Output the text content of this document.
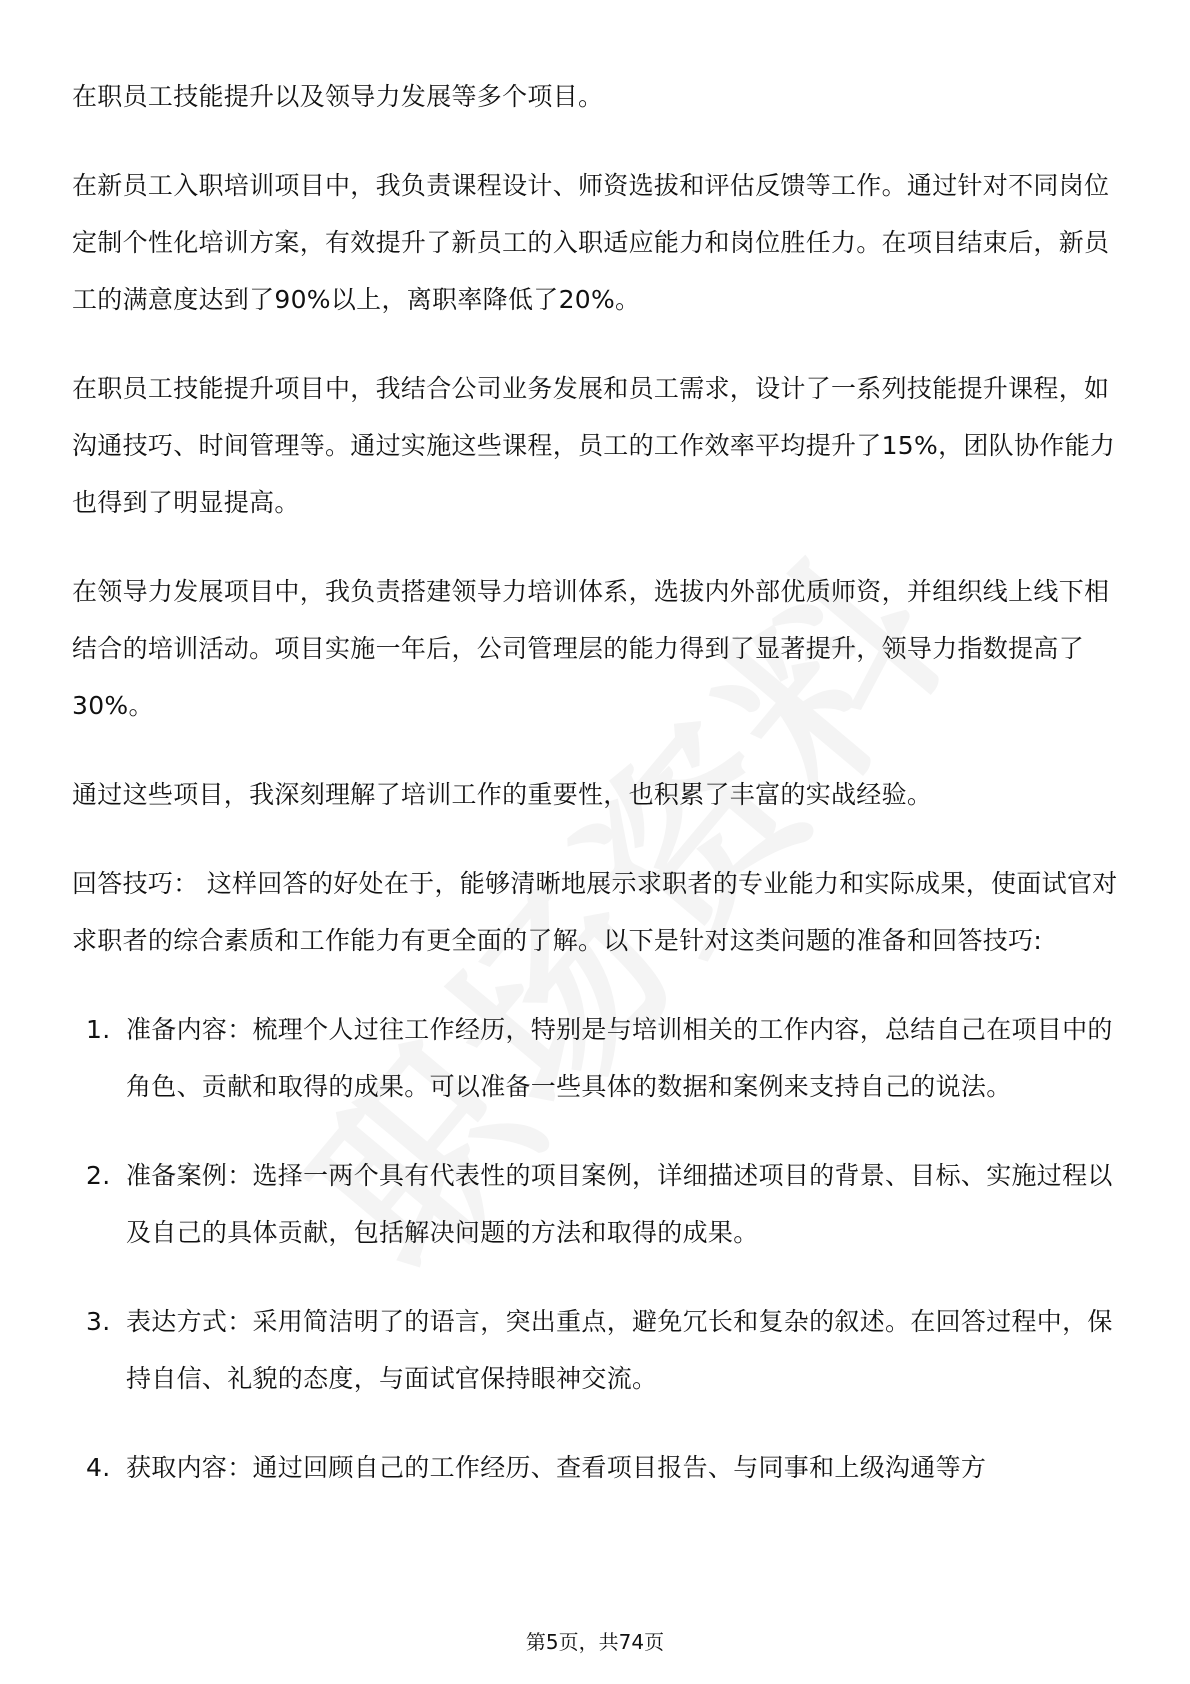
在职员工技能提升以及领导力发展等多个项目。

在新员工入职培训项目中，我负责课程设计、师资选拔和评估反馈等工作。通过针对不同岗位定制个性化培训方案，有效提升了新员工的入职适应能力和岗位胜任力。在项目结束后，新员工的满意度达到了90%以上，离职率降低了20%。

在职员工技能提升项目中，我结合公司业务发展和员工需求，设计了一系列技能提升课程，如沟通技巧、时间管理等。通过实施这些课程，员工的工作效率平均提升了15%，团队协作能力也得到了明显提高。

在领导力发展项目中，我负责搭建领导力培训体系，选拔内外部优质师资，并组织线上线下相结合的培训活动。项目实施一年后，公司管理层的能力得到了显著提升，领导力指数提高了30%。

通过这些项目，我深刻理解了培训工作的重要性，也积累了丰富的实战经验。

回答技巧： 这样回答的好处在于，能够清晰地展示求职者的专业能力和实际成果，使面试官对求职者的综合素质和工作能力有更全面的了解。以下是针对这类问题的准备和回答技巧:

1. 准备内容：梳理个人过往工作经历，特别是与培训相关的工作内容，总结自己在项目中的角色、贡献和取得的成果。可以准备一些具体的数据和案例来支持自己的说法。
2. 准备案例：选择一两个具有代表性的项目案例，详细描述项目的背景、目标、实施过程以及自己的具体贡献，包括解决问题的方法和取得的成果。
3. 表达方式：采用简洁明了的语言，突出重点，避免冗长和复杂的叙述。在回答过程中，保持自信、礼貌的态度，与面试官保持眼神交流。
4. 获取内容：通过回顾自己的工作经历、查看项目报告、与同事和上级沟通等方
第5页，共74页
